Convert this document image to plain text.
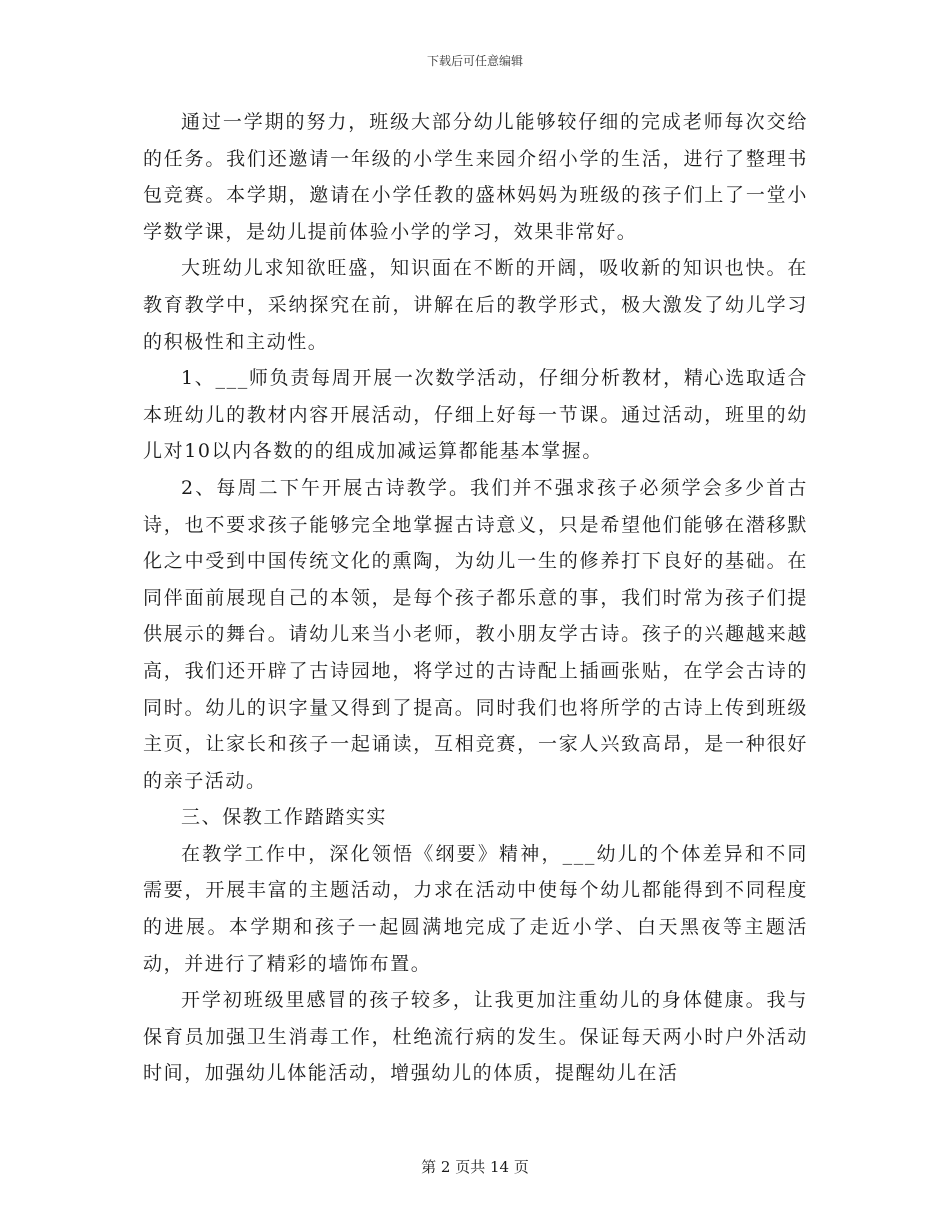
下载后可任意编辑

通过一学期的努力，班级大部分幼儿能够较仔细的完成老师每次交给的任务。我们还邀请一年级的小学生来园介绍小学的生活，进行了整理书包竞赛。本学期，邀请在小学任教的盛林妈妈为班级的孩子们上了一堂小学数学课，是幼儿提前体验小学的学习，效果非常好。

大班幼儿求知欲旺盛，知识面在不断的开阔，吸收新的知识也快。在教育教学中，采纳探究在前，讲解在后的教学形式，极大激发了幼儿学习的积极性和主动性。

1、___师负责每周开展一次数学活动，仔细分析教材，精心选取适合本班幼儿的教材内容开展活动，仔细上好每一节课。通过活动，班里的幼儿对10以内各数的的组成加减运算都能基本掌握。

2、每周二下午开展古诗教学。我们并不强求孩子必须学会多少首古诗，也不要求孩子能够完全地掌握古诗意义，只是希望他们能够在潜移默化之中受到中国传统文化的熏陶，为幼儿一生的修养打下良好的基础。在同伴面前展现自己的本领，是每个孩子都乐意的事，我们时常为孩子们提供展示的舞台。请幼儿来当小老师，教小朋友学古诗。孩子的兴趣越来越高，我们还开辟了古诗园地，将学过的古诗配上插画张贴，在学会古诗的同时。幼儿的识字量又得到了提高。同时我们也将所学的古诗上传到班级主页，让家长和孩子一起诵读，互相竞赛，一家人兴致高昂，是一种很好的亲子活动。

三、保教工作踏踏实实

在教学工作中，深化领悟《纲要》精神，___幼儿的个体差异和不同需要，开展丰富的主题活动，力求在活动中使每个幼儿都能得到不同程度的进展。本学期和孩子一起圆满地完成了走近小学、白天黑夜等主题活动，并进行了精彩的墙饰布置。

开学初班级里感冒的孩子较多，让我更加注重幼儿的身体健康。我与保育员加强卫生消毒工作，杜绝流行病的发生。保证每天两小时户外活动时间，加强幼儿体能活动，增强幼儿的体质，提醒幼儿在活

第 2 页共 14 页
